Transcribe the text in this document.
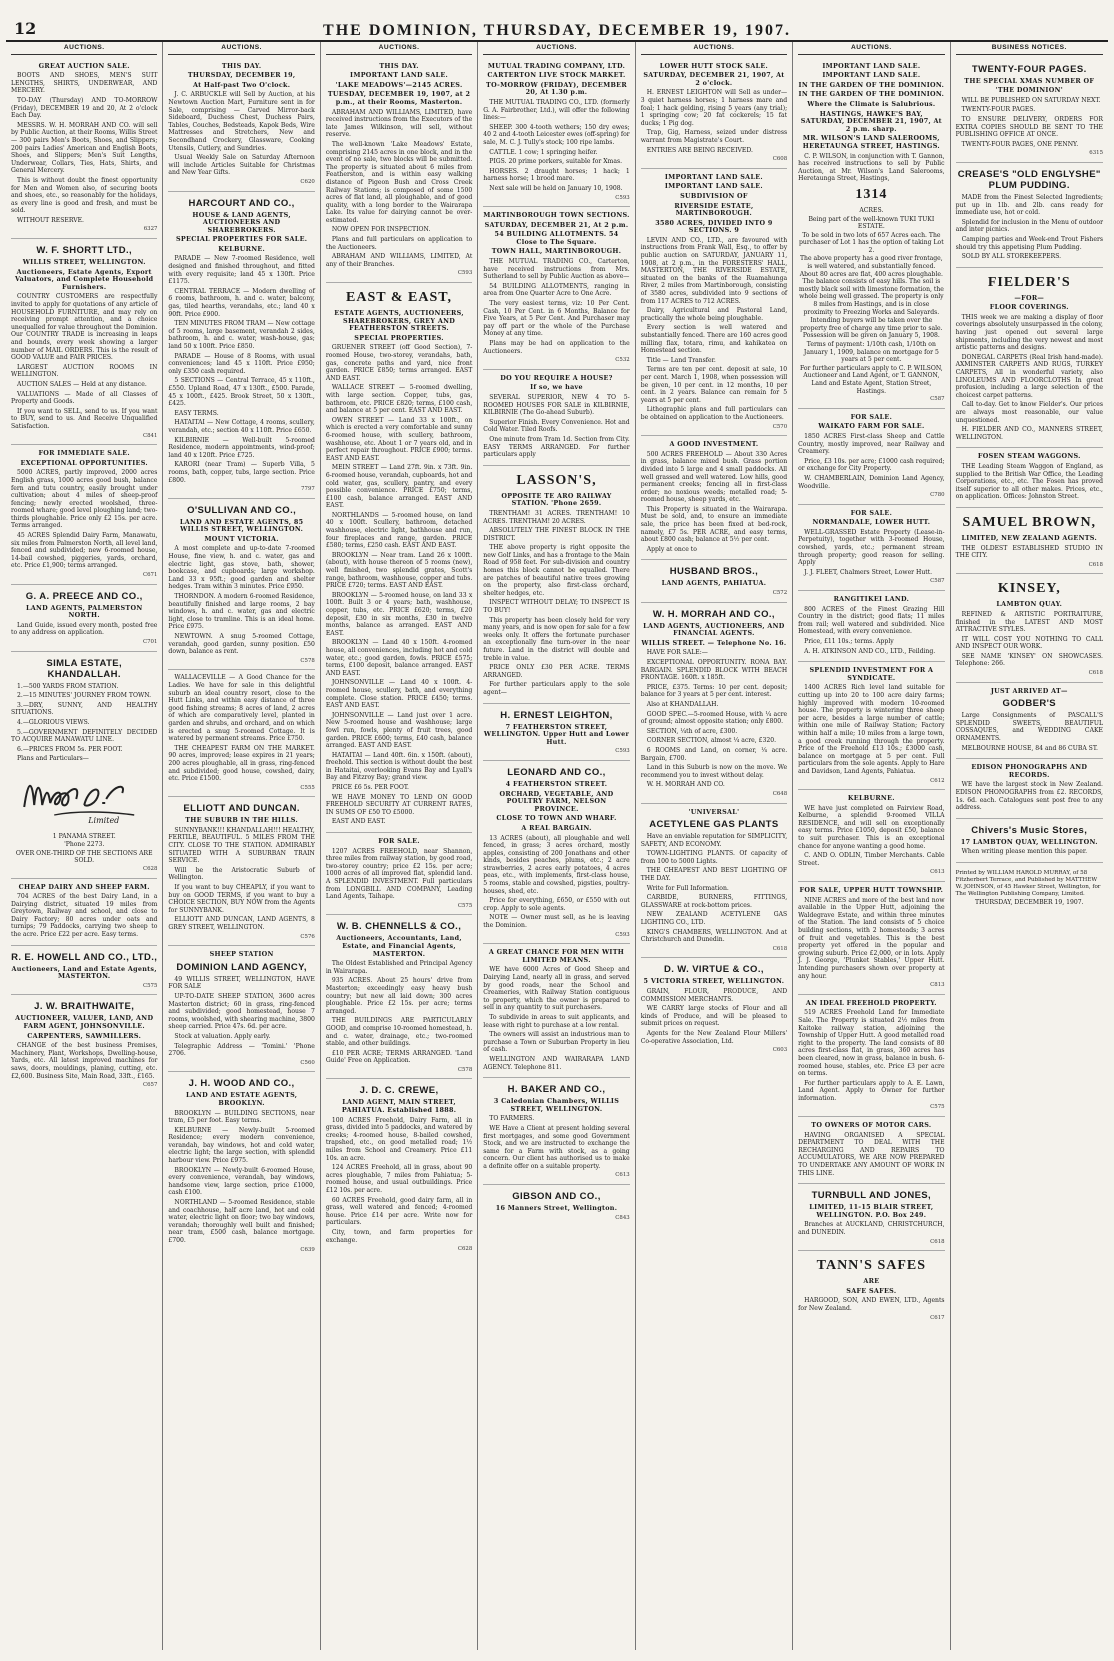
12	THE DOMINION, THURSDAY, DECEMBER 19, 1907.
AUCTIONS.
GREAT AUCTION SALE.

BOOTS AND SHOES, MEN'S SUIT LENGTHS, SHIRTS, UNDERWEAR, AND MERCERY.

TO-DAY (Thursday) AND TO-MORROW (Friday), DECEMBER 19 and 20, At 2 o'clock Each Day.

MESSRS. W. H. MORRAH AND CO. will sell by Public Auction, at their Rooms, Willis Street — 300 pairs Men's Boots, Shoes, and Slippers; 200 pairs Ladies' American and English Boots, Shoes, and Slippers; Men's Suit Lengths, Underwear, Collars, Ties, Hats, Shirts, and General Mercery.

This is without doubt the finest opportunity for Men and Women also, of securing boots and shoes, etc., so reasonably for the holidays, as every line is good and fresh, and must be sold.

WITHOUT RESERVE.

6327
W. F. SHORTT LTD.,
WILLIS STREET, WELLINGTON.
Auctioneers, Estate Agents, Export Valuators, and Complete Household Furnishers.

COUNTRY CUSTOMERS are respectfully invited to apply for quotations of any article of HOUSEHOLD FURNITURE, and may rely on receiving prompt attention, and a choice unequalled for value throughout the Dominion. Our COUNTRY TRADE is increasing in leaps and bounds, every week showing a larger number of MAIL ORDERS. This is the result of GOOD VALUE and FAIR PRICES.

LARGEST AUCTION ROOMS IN WELLINGTON.

AUCTION SALES — Held at any distance.

VALUATIONS — Made of all Classes of Property and Goods.

If you want to SELL, send to us. If you want to BUY, send to us. And Receive Unqualified Satisfaction.

C841
FOR IMMEDIATE SALE.
EXCEPTIONAL OPPORTUNITIES.

5000 ACRES, partly improved, 2000 acres English grass, 1000 acres good bush, balance fern and tutu country, easily brought under cultivation; about 4 miles of sheep-proof fencing; newly erected woolshed, three-roomed whare; good level ploughing land; two-thirds ploughable. Price only £2 15s. per acre. Terms arranged.

45 ACRES Splendid Dairy Farm, Manawatu, six miles from Palmerston North, all level land, fenced and subdivided; new 6-roomed house, 14-bail cowshed, piggeries, yards, orchard, etc. Price £1,900; terms arranged.

C671
G. A. PREECE AND CO.,
LAND AGENTS, PALMERSTON NORTH.

Land Guide, issued every month, posted free to any address on application.

C701
SIMLA ESTATE, KHANDALLAH.

1.—500 YARDS FROM STATION.

2.—15 MINUTES' JOURNEY FROM TOWN.

3.—DRY, SUNNY, AND HEALTHY SITUATIONS.

4.—GLORIOUS VIEWS.

5.—GOVERNMENT DEFINITELY DECIDED TO ACQUIRE MANAWATU LINE.

6.—PRICES FROM 5s. PER FOOT.

Plans and Particulars—

Limited
1 PANAMA STREET.
'Phone 2273.
OVER ONE-THIRD OF THE SECTIONS ARE SOLD.
C628
CHEAP DAIRY AND SHEEP FARM.

704 ACRES of the best Dairy Land, in a Dairying district, situated 19 miles from Greytown, Railway and school, and close to Dairy Factory; 80 acres under oats and turnips; 79 Paddocks, carrying two sheep to the acre. Price £22 per acre. Easy terms.

R. E. HOWELL AND CO., LTD.,
Auctioneers, Land and Estate Agents, MASTERTON.
C575
J. W. BRAITHWAITE,
AUCTIONEER, VALUER, LAND, AND FARM AGENT, JOHNSONVILLE.
CARPENTERS, SAWMILLERS.

CHANGE of the best business Premises, Machinery, Plant, Workshops, Dwelling-house, Yards, etc. All latest improved machines for saws, doors, mouldings, planing, cutting, etc. £2,600. Business Site, Main Road, 33ft., £165.

C657
AUCTIONS.
THIS DAY.
THURSDAY, DECEMBER 19,
At Half-past Two O'clock.

J. C. ARBUCKLE will Sell by Auction, at his Newtown Auction Mart, Furniture sent in for Sale, comprising — Carved Mirror-back Sideboard, Duchess Chest, Duchess Pairs, Tables, Couches, Bedsteads, Kapok Beds, Wire Mattresses and Stretchers, New and Secondhand Crockery, Glassware, Cooking Utensils, Cutlery, and Sundries.

Usual Weekly Sale on Saturday Afternoon will include Articles Suitable for Christmas and New Year Gifts.

C620
HARCOURT AND CO.,
HOUSE & LAND AGENTS, AUCTIONEERS AND SHAREBROKERS.
SPECIAL PROPERTIES FOR SALE.
KELBURNE.

PARADE — New 7-roomed Residence, well designed and finished throughout, and fitted with every requisite; land 45 x 130ft. Price £1175.

CENTRAL TERRACE — Modern dwelling of 6 rooms, bathroom, h. and c. water, balcony, gas, tiled hearths, verandahs, etc.; land 40 x 90ft. Price £900.

TEN MINUTES FROM TRAM — New cottage of 5 rooms, large basement, verandah 2 sides, bathroom, h. and c. water, wash-house, gas; land 50 x 100ft. Price £850.

PARADE — House of 8 Rooms, with usual conveniences; land 45 x 110ft. Price £950; only £350 cash required.

5 SECTIONS — Central Terrace, 45 x 110ft., £550. Upland Road, 47 x 130ft., £500. Parade, 45 x 100ft., £425. Brook Street, 50 x 130ft., £425.

EASY TERMS.

HATAITAI — New Cottage, 4 rooms, scullery, verandah, etc.; section 40 x 110ft. Price £650.

KILBIRNIE — Well-built 5-roomed Residence, modern appointments, wind-proof; land 40 x 120ft. Price £725.

KARORI (near Tram) — Superb Villa, 5 rooms, bath, copper, tubs, large section. Price £800.

7797
O'SULLIVAN AND CO.,
LAND AND ESTATE AGENTS, 85 WILLIS STREET, WELLINGTON.
MOUNT VICTORIA.

A most complete and up-to-date 7-roomed House, fine view, h. and c. water, gas and electric light, gas stove, bath, shower, bookcase, and cupboards; large workshop. Land 33 x 95ft.; good garden and shelter hedges. Tram within 3 minutes. Price £950.

THORNDON. A modern 6-roomed Residence, beautifully finished and large rooms, 2 bay windows, h. and c. water, gas and electric light, close to tramline. This is an ideal home. Price £975.

NEWTOWN. A snug 5-roomed Cottage, verandah, good garden, sunny position. £50 down, balance as rent.

C578

WALLACEVILLE — A Good Chance for the Ladies. We have for sale in this delightful suburb an ideal country resort, close to the Hutt Links, and within easy distance of three good fishing streams; 8 acres of land, 2 acres of which are comparatively level, planted in garden and shrubs, and orchard, and on which is erected a snug 5-roomed Cottage. It is watered by permanent streams. Price £750.

THE CHEAPEST FARM ON THE MARKET. 90 acres, improved; lease expires in 21 years; 200 acres ploughable, all in grass, ring-fenced and subdivided; good house, cowshed, dairy, etc. Price £1500.

C555
ELLIOTT AND DUNCAN.
THE SUBURB IN THE HILLS.

SUNNYBANK!!! KHANDALLAH!!! HEALTHY, FERTILE, BEAUTIFUL. 5 MILES FROM THE CITY. CLOSE TO THE STATION. ADMIRABLY SITUATED WITH A SUBURBAN TRAIN SERVICE.

Will be the Aristocratic Suburb of Wellington.

If you want to buy CHEAPLY, if you want to buy on GOOD TERMS, if you want to buy a CHOICE SECTION, BUY NOW from the Agents for SUNNYBANK.

ELLIOTT AND DUNCAN, LAND AGENTS, 8 GREY STREET, WELLINGTON.

C576
SHEEP STATION
DOMINION LAND AGENCY,

49 WILLIS STREET, WELLINGTON, HAVE FOR SALE

UP-TO-DATE SHEEP STATION, 3600 acres Masterton district; 60 in grass, ring-fenced and subdivided; good homestead, house 7 rooms, woolshed, with shearing machine, 3800 sheep carried. Price 47s. 6d. per acre.

Stock at valuation. Apply early.

Telegraphic Address — 'Tomini.' 'Phone 2706.

C560
J. H. WOOD AND CO.,
LAND AND ESTATE AGENTS, BROOKLYN.

BROOKLYN — BUILDING SECTIONS, near tram, £5 per foot. Easy terms.

KELBURNE — Newly-built 5-roomed Residence; every modern convenience, verandah, bay windows, hot and cold water, electric light; the large section, with splendid harbour view. Price £975.

BROOKLYN — Newly-built 6-roomed House, every convenience, verandah, bay windows, handsome view, large section, price £1000, cash £100.

NORTHLAND — 5-roomed Residence, stable and coachhouse, half acre land, hot and cold water, electric light on floor; two bay windows, verandah; thoroughly well built and finished; near tram, £500 cash, balance mortgage. £700.

C639
AUCTIONS.
THIS DAY.
IMPORTANT LAND SALE.
'LAKE MEADOWS'—2145 ACRES.
TUESDAY, DECEMBER 19, 1907, at 2 p.m., at their Rooms, Masterton.

ABRAHAM AND WILLIAMS, LIMITED, have received instructions from the Executors of the late James Wilkinson, will sell, without reserve.

The well-known 'Lake Meadows' Estate, comprising 2145 acres in one block, and in the event of no sale, two blocks will be submitted. The property is situated about 6 miles from Featherston, and is within easy walking distance of Pigeon Bush and Cross Creek Railway Stations; is composed of some 1500 acres of flat land, all ploughable, and of good quality, with a long border to the Wairarapa Lake. Its value for dairying cannot be over-estimated.

NOW OPEN FOR INSPECTION.

Plans and full particulars on application to the Auctioneers.

ABRAHAM AND WILLIAMS, LIMITED, At any of their Branches.

C593
EAST & EAST,
ESTATE AGENTS, AUCTIONEERS, SHAREBROKERS, GREY AND FEATHERSTON STREETS.
SPECIAL PROPERTIES.

GRUENER STREET (off Good Section), 7-roomed House, two-storey, verandahs, bath, gas, concrete paths and yard, nice front garden. PRICE £850; terms arranged. EAST AND EAST.

WALLACE STREET — 5-roomed dwelling, with large section. Copper, tubs, gas, bathroom, etc. PRICE £820; terms, £100 cash, and balance at 5 per cent. EAST AND EAST.

OWEN STREET — Land 33 x 100ft., on which is erected a very comfortable and sunny 6-roomed house, with scullery, bathroom, washhouse, etc. About 1 or 7 years old, and in perfect repair throughout. PRICE £900; terms. EAST AND EAST.

MEIN STREET — Land 27ft. 9in. x 73ft. 9in. 6-roomed house, verandah, cupboards, hot and cold water, gas, scullery, pantry, and every possible convenience. PRICE £750; terms, £100 cash, balance arranged. EAST AND EAST.

NORTHLANDS — 5-roomed house, on land 40 x 100ft. Scullery, bathroom, detached washhouse, electric light, bathhouse and run, four fireplaces and range, garden. PRICE £580; terms, £250 cash. EAST AND EAST.

BROOKLYN — Near tram. Land 26 x 100ft. (about), with house thereon of 5 rooms (new), well finished, two splendid grates, Scott's range, bathroom, washhouse, copper and tubs. PRICE £720; terms. EAST AND EAST.

BROOKLYN — 5-roomed house, on land 33 x 100ft. Built 3 or 4 years; bath, washhouse, copper, tubs, etc. PRICE £620; terms, £20 deposit, £30 in six months, £30 in twelve months, balance as arranged. EAST AND EAST.

BROOKLYN — Land 40 x 150ft. 4-roomed house, all conveniences, including hot and cold water, etc.; good garden, fowls. PRICE £575; terms, £100 deposit, balance arranged. EAST AND EAST.

JOHNSONVILLE — Land 40 x 100ft. 4-roomed house, scullery, bath, and everything complete. Close station. PRICE £450; terms. EAST AND EAST.

JOHNSONVILLE — Land just over 1 acre. New 5-roomed house and washhouse; large fowl run, fowls, plenty of fruit trees, good garden. PRICE £600; terms, £40 cash, balance arranged. EAST AND EAST.

HATAITAI — Land 40ft. 6in. x 150ft. (about), freehold. This section is without doubt the best in Hataitai, overlooking Evans Bay and Lyall's Bay and Fitzroy Bay; grand view.

PRICE £6 5s. PER FOOT.

WE HAVE MONEY TO LEND ON GOOD FREEHOLD SECURITY AT CURRENT RATES, IN SUMS OF £50 TO £5000.

EAST AND EAST.

FOR SALE.

1207 ACRES FREEHOLD, near Shannon, three miles from railway station, by good road, two-storey country; price £2 15s. per acre; 1000 acres of all improved flat, splendid land. A SPLENDID INVESTMENT. Full particulars from LONGBILL AND COMPANY, Leading Land Agents, Taihape.

C575
W. B. CHENNELLS & CO.,
Auctioneers, Accountants, Land, Estate, and Financial Agents, MASTERTON.

The Oldest Established and Principal Agency in Wairarapa.

935 ACRES. About 25 hours' drive from Masterton; exceedingly easy heavy bush country; but new all laid down; 300 acres ploughable. Price £2 15s. per acre; terms arranged.

THE BUILDINGS ARE PARTICULARLY GOOD, and comprise 10-roomed homestead, h. and c. water, drainage, etc.; two-roomed stable, and other buildings.

£10 PER ACRE; TERMS ARRANGED. 'Land Guide' Free on Application.

C578
J. D. C. CREWE,
LAND AGENT, MAIN STREET, PAHIATUA. Established 1888.

100 ACRES Freehold, Dairy Farm, all in grass, divided into 5 paddocks, and watered by creeks; 4-roomed house, 8-bailed cowshed, trapshed, etc., on good metalled road; 1½ miles from School and Creamery. Price £11 10s. an acre.

124 ACRES Freehold, all in grass, about 90 acres ploughable, 7 miles from Pahiatua; 5-roomed house, and usual outbuildings. Price £12 10s. per acre.

60 ACRES Freehold, good dairy farm, all in grass, well watered and fenced; 4-roomed house. Price £14 per acre. Write now for particulars.

City, town, and farm properties for exchange.

C628
AUCTIONS.
MUTUAL TRADING COMPANY, LTD.
CARTERTON LIVE STOCK MARKET.
TO-MORROW (FRIDAY), DECEMBER 20, At 1.30 p.m.

THE MUTUAL TRADING CO., LTD. (formerly G. A. Fairbrother, Ltd.), will offer the following lines:—

SHEEP. 300 4-tooth wethers; 150 dry ewes; 40 2 and 4-tooth Leicester ewes (off-spring) for sale, M. C. J. Tully's stock; 100 ripe lambs.

CATTLE. 1 cow; 1 springing heifer.

PIGS. 20 prime porkers, suitable for Xmas.

HORSES. 2 draught horses; 1 hack; 1 harness horse; 1 brood mare.

Next sale will be held on January 10, 1908.

C593
MARTINBOROUGH TOWN SECTIONS.
SATURDAY, DECEMBER 21, At 2 p.m.
54 BUILDING ALLOTMENTS. 54 Close to The Square.
TOWN HALL, MARTINBOROUGH.

THE MUTUAL TRADING CO., Carterton, have received instructions from Mrs. Sutherland to sell by Public Auction as above—

54 BUILDING ALLOTMENTS, ranging in area from One Quarter Acre to One Acre.

The very easiest terms, viz: 10 Per Cent. Cash, 10 Per Cent. in 6 Months, Balance for Five Years, at 5 Per Cent. And Purchaser may pay off part or the whole of the Purchase Money at any time.

Plans may be had on application to the Auctioneers.

C532
DO YOU REQUIRE A HOUSE?
If so, we have

SEVERAL SUPERIOR, NEW 4 TO 5-ROOMED HOUSES FOR SALE in KILBIRNIE, KILBIRNIE (The Go-ahead Suburb).

Superior Finish. Every Convenience. Hot and Cold Water. Tiled Roofs.

One minute from Tram 1d. Section from City. EASY TERMS ARRANGED. For further particulars apply

LASSON'S,
OPPOSITE TE ARO RAILWAY STATION. 'Phone 2659.

TRENTHAM! 31 ACRES. TRENTHAM! 10 ACRES. TRENTHAM! 20 ACRES.

ABSOLUTELY THE FINEST BLOCK IN THE DISTRICT.

THE above property is right opposite the new Golf Links, and has a frontage to the Main Road of 958 feet. For sub-division and country homes this block cannot be equalled. There are patches of beautiful native trees growing on the property, also first-class orchard, shelter hedges, etc.

INSPECT WITHOUT DELAY; TO INSPECT IS TO BUY!

This property has been closely held for very many years, and is now open for sale for a few weeks only. It offers the fortunate purchaser an exceptionally fine turn-over in the near future. Land in the district will double and treble in value.

PRICE ONLY £30 PER ACRE. TERMS ARRANGED.

For further particulars apply to the sole agent—

H. ERNEST LEIGHTON,
7 FEATHERSTON STREET, WELLINGTON. Upper Hutt and Lower Hutt.
C593
LEONARD AND CO.,
4 FEATHERSTON STREET.
ORCHARD, VEGETABLE, AND POULTRY FARM, NELSON PROVINCE.
CLOSE TO TOWN AND WHARF.
A REAL BARGAIN.

13 ACRES (about), all ploughable and well fenced, in grass; 3 acres orchard, mostly apples, consisting of 200 Jonathans and other kinds, besides peaches, plums, etc.; 2 acre strawberries, 2 acres early potatoes, 4 acres peas, etc., with implements, first-class house, 5 rooms, stable and cowshed, pigsties, poultry-houses, shed, etc.

Price for everything, £650, or £550 with out crop. Apply to sole agents.

NOTE — Owner must sell, as he is leaving the Dominion.

C593
A GREAT CHANCE FOR MEN WITH LIMITED MEANS.

WE have 6000 Acres of Good Sheep and Dairying Land, nearly all in grass, and served by good roads, near the School and Creameries, with Railway Station contiguous to property, which the owner is prepared to sell in any quantity to suit purchasers.

To subdivide in areas to suit applicants, and lease with right to purchase at a low rental.

The owners will assist an industrious man to purchase a Town or Suburban Property in lieu of cash.

WELLINGTON AND WAIRARAPA LAND AGENCY. Telephone 811.

H. BAKER AND CO.,
3 Caledonian Chambers, WILLIS STREET, WELLINGTON.

TO FARMERS.

WE Have a Client at present holding several first mortgages, and some good Government Stock, and we are instructed to exchange the same for a Farm with stock, as a going concern. Our client has authorised us to make a definite offer on a suitable property.

C613
GIBSON AND CO.,
16 Manners Street, Wellington.
C843
AUCTIONS.
LOWER HUTT STOCK SALE.
SATURDAY, DECEMBER 21, 1907, At 2 o'clock.

H. ERNEST LEIGHTON will Sell as under— 3 quiet harness horses; 1 harness mare and foal; 1 hack gelding, rising 5 years (any trial); 1 springing cow; 20 fat cockerels; 15 fat ducks; 1 Pig dog.

Trap, Gig, Harness, seized under distress warrant from Magistrate's Court.

ENTRIES ARE BEING RECEIVED.

C608
IMPORTANT LAND SALE.
IMPORTANT LAND SALE.
SUBDIVISION OF
RIVERSIDE ESTATE, MARTINBOROUGH.
3580 ACRES, DIVIDED INTO 9 SECTIONS. 9

LEVIN AND CO., LTD., are favoured with instructions from Frank Wall, Esq., to offer by public auction on SATURDAY, JANUARY 11, 1908, at 2 p.m., in the FORESTERS' HALL, MASTERTON, THE RIVERSIDE ESTATE, situated on the banks of the Ruamahunga River, 2 miles from Martinborough, consisting of 3580 acres, subdivided into 9 sections of from 117 ACRES to 712 ACRES.

Dairy, Agricultural and Pastoral Land, practically the whole being ploughable.

Every section is well watered and substantially fenced. There are 160 acres good milling flax, totara, rimu, and kahikatea on Homestead section.

Title — Land Transfer.

Terms are ten per cent. deposit at sale, 10 per cent. March 1, 1908, when possession will be given, 10 per cent. in 12 months, 10 per cent. in 2 years. Balance can remain for 5 years at 5 per cent.

Lithographic plans and full particulars can be obtained on application to the Auctioneers.

C570
A GOOD INVESTMENT.

500 ACRES FREEHOLD — About 330 Acres in grass, balance mixed bush. Grass portion divided into 5 large and 4 small paddocks. All well grassed and well watered. Low hills, good permanent creeks; fencing all in first-class order; no noxious weeds; metalled road; 5-roomed house, sheep yards, etc.

This Property is situated in the Wairarapa. Must be sold, and, to ensure an immediate sale, the price has been fixed at bed-rock, namely, £7 5s. PER ACRE, and easy terms, about £800 cash; balance at 5½ per cent.

Apply at once to

HUSBAND BROS.,
LAND AGENTS, PAHIATUA.
C572
W. H. MORRAH AND CO.,
LAND AGENTS, AUCTIONEERS, AND FINANCIAL AGENTS.
WILLIS STREET. — Telephone No. 16.

HAVE FOR SALE:—

EXCEPTIONAL OPPORTUNITY. RONA BAY. BARGAIN. SPLENDID BLOCK WITH BEACH FRONTAGE. 160ft. x 185ft.

PRICE, £375. Terms: 10 per cent. deposit; balance for 3 years at 5 per cent. interest.

Also at KHANDALLAH.

GOOD SPEC.—5-roomed House, with ¼ acre of ground; almost opposite station; only £800.

SECTION, ¼th of acre, £300.

CORNER SECTION, almost ¼ acre, £320.

6 ROOMS and Land, on corner, ¼ acre. Bargain, £700.

Land in this Suburb is now on the move. We recommend you to invest without delay.

W. H. MORRAH AND CO.

C648
'UNIVERSAL'
ACETYLENE GAS PLANTS

Have an enviable reputation for SIMPLICITY, SAFETY, AND ECONOMY.

TOWN-LIGHTING PLANTS. Of capacity of from 100 to 5000 Lights.

THE CHEAPEST AND BEST LIGHTING OF THE DAY.

Write for Full Information.

CARBIDE, BURNERS, FITTINGS, GLASSWARE at rock-bottom prices.

NEW ZEALAND ACETYLENE GAS LIGHTING CO., LTD.

KING'S CHAMBERS, WELLINGTON. And at Christchurch and Dunedin.

C618
D. W. VIRTUE & CO.,
5 VICTORIA STREET, WELLINGTON.

GRAIN, FLOUR, PRODUCE, AND COMMISSION MERCHANTS.

WE CARRY large stocks of Flour and all kinds of Produce, and will be pleased to submit prices on request.

Agents for the New Zealand Flour Millers' Co-operative Association, Ltd.

C603
AUCTIONS.
IMPORTANT LAND SALE.
IMPORTANT LAND SALE.
IN THE GARDEN OF THE DOMINION.
IN THE GARDEN OF THE DOMINION.
Where the Climate is Salubrious.
HASTINGS, HAWKE'S BAY, SATURDAY, DECEMBER 21, 1907, At 2 p.m. sharp.
MR. WILSON'S LAND SALEROOMS, HERETAUNGA STREET, HASTINGS.

C. P. WILSON, in conjunction with T. Gannon, has received instructions to sell by Public Auction, at Mr. Wilson's Land Salerooms, Heretaunga Street, Hastings,

1314
ACRES.
Being part of the well-known TUKI TUKI ESTATE.
To be sold in two lots of 657 Acres each. The purchaser of Lot 1 has the option of taking Lot 2.
The above property has a good river frontage, is well watered, and substantially fenced. About 80 acres are flat, 400 acres ploughable. The balance consists of easy hills. The soil is mostly black soil with limestone formation, the whole being well grassed. The property is only 8 miles from Hastings, and is in close proximity to Freezing Works and Saleyards.
Intending buyers will be taken over the property free of charge any time prior to sale. Possession will be given on January 5, 1908.
Terms of payment: 1/10th cash, 1/10th on January 1, 1909, balance on mortgage for 5 years at 5 per cent.
For further particulars apply to C. P. WILSON, Auctioneer and Land Agent, or T. GANNON, Land and Estate Agent, Station Street, Hastings.
C587
FOR SALE.
WAIKATO FARM FOR SALE.

1850 ACRES First-class Sheep and Cattle Country, mostly improved, near Railway and Creamery.

Price, £3 10s. per acre; £1000 cash required; or exchange for City Property.

W. CHAMBERLAIN, Dominion Land Agency, Woodville.

C780
FOR SALE.
NORMANDALE, LOWER HUTT.

WELL-GRASSED Estate Property (Lease-in-Perpetuity), together with 3-roomed House, cowshed, yards, etc.; permanent stream through property; good reason for selling. Apply

J. J. FLEET, Chalmers Street, Lower Hutt.

C587
RANGITIKEI LAND.

800 ACRES of the Finest Grazing Hill Country in the district; good flats; 11 miles from rail; well watered and subdivided. Nice Homestead, with every convenience.

Price, £11 10s.; terms. Apply

A. H. ATKINSON AND CO., LTD., Feilding.

SPLENDID INVESTMENT FOR A SYNDICATE.

1400 ACRES Rich level land suitable for cutting up into 20 to 100 acre dairy farms; highly improved with modern 10-roomed house. The property is wintering three sheep per acre, besides a large number of cattle; within one mile of Railway Station; Factory within half a mile; 10 miles from a large town, a good creek running through the property. Price of the Freehold £13 10s.; £3000 cash, balance on mortgage at 5 per cent. Full particulars from the sole agents. Apply to Hare and Davidson, Land Agents, Pahiatua.

C612
KELBURNE.

WE have just completed on Fairview Road, Kelburne, a splendid 9-roomed VILLA RESIDENCE, and will sell on exceptionally easy terms. Price £1050, deposit £50, balance to suit purchaser. This is an exceptional chance for anyone wanting a good home.

C. AND O. ODLIN, Timber Merchants. Cable Street.

C613
FOR SALE, UPPER HUTT TOWNSHIP.

NINE ACRES and more of the best land now available in the Upper Hutt, adjoining the Waldegrave Estate, and within three minutes of the Station. The land consists of 5 choice building sections, with 2 homesteads; 3 acres of fruit and vegetables. This is the best property yet offered in the popular and growing suburb. Price £2,000, or in lots. Apply J. J. George, 'Plunket Stables,' Upper Hutt. Intending purchasers shown over property at any hour.

C813
AN IDEAL FREEHOLD PROPERTY.

519 ACRES Freehold Land for Immediate Sale. The Property is situated 2½ miles from Kaitoke railway station, adjoining the Township of Upper Hutt. A good metalled road right to the property. The land consists of 80 acres first-class flat, in grass, 360 acres has been cleared, now in grass, balance in bush. 6-roomed house, stables, etc. Price £3 per acre on terms.

For further particulars apply to A. E. Lawn, Land Agent. Apply to Owner for further information.

C575
TO OWNERS OF MOTOR CARS.

HAVING ORGANISED A SPECIAL DEPARTMENT TO DEAL WITH THE RECHARGING AND REPAIRS TO ACCUMULATORS, WE ARE NOW PREPARED TO UNDERTAKE ANY AMOUNT OF WORK IN THIS LINE.

TURNBULL AND JONES,
LIMITED, 11-15 BLAIR STREET, WELLINGTON. P.O. Box 249.

Branches at AUCKLAND, CHRISTCHURCH, and DUNEDIN.

C618
TANN'S SAFES
ARE
SAFE SAFES.

HARGOOD, SON, AND EWEN, LTD., Agents for New Zealand.

C617
BUSINESS NOTICES.
TWENTY-FOUR PAGES.
THE SPECIAL XMAS NUMBER OF
'THE DOMINION'

WILL BE PUBLISHED ON SATURDAY NEXT.

TWENTY-FOUR PAGES.

TO ENSURE DELIVERY, ORDERS FOR EXTRA COPIES SHOULD BE SENT TO THE PUBLISHING OFFICE AT ONCE.

TWENTY-FOUR PAGES, ONE PENNY.

6315
CREASE'S "OLD ENGLYSHE" PLUM PUDDING.

MADE from the Finest Selected Ingredients; put up in 1lb. and 2lb. cans ready for immediate use, hot or cold.

Splendid for inclusion in the Menu of outdoor and inter picnics.

Camping parties and Week-end Trout Fishers should try this appetising Plum Pudding.

SOLD BY ALL STOREKEEPERS.

FIELDER'S
—FOR—
FLOOR COVERINGS.

THIS week we are making a display of floor coverings absolutely unsurpassed in the colony, having just opened out several large shipments, including the very newest and most artistic patterns and designs.

DONEGAL CARPETS (Real Irish hand-made). AXMINSTER CARPETS AND RUGS, TURKEY CARPETS, All in wonderful variety, also LINOLEUMS AND FLOORCLOTHS In great profusion, including a large selection of the choicest carpet patterns.

Call to-day. Get to know Fielder's. Our prices are always most reasonable, our value unquestioned.

H. FIELDER AND CO., MANNERS STREET, WELLINGTON.

FOSEN STEAM WAGGONS.

THE Leading Steam Waggon of England, as supplied to the British War Office, the Leading Corporations, etc., etc. The Fosen has proved itself superior to all other makes. Prices, etc., on application. Offices: Johnston Street.

SAMUEL BROWN,
LIMITED, NEW ZEALAND AGENTS.

THE OLDEST ESTABLISHED STUDIO IN THE CITY.

C618
KINSEY,
LAMBTON QUAY.

REFINED & ARTISTIC PORTRAITURE, finished in the LATEST AND MOST ATTRACTIVE STYLES.

IT WILL COST YOU NOTHING TO CALL AND INSPECT OUR WORK.

SEE NAME 'KINSEY' ON SHOWCASES. Telephone: 266.

C618
JUST ARRIVED AT—
GODBER'S

Large Consignments of PASCALL'S SPLENDID SWEETS, BEAUTIFUL COSSAQUES, and WEDDING CAKE ORNAMENTS.

MELBOURNE HOUSE, 84 and 86 CUBA ST.

EDISON PHONOGRAPHS AND RECORDS.

WE have the largest stock in New Zealand. EDISON PHONOGRAPHS from £2. RECORDS, 1s. 6d. each. Catalogues sent post free to any address.

Chivers's Music Stores,
17 LAMBTON QUAY, WELLINGTON.

When writing please mention this paper.

Printed by WILLIAM HAROLD MURRAY, of 58 Fitzherbert Terrace, and Published by MATTHEW W. JOHNSON, of 45 Hawker Street, Wellington, for The Wellington Publishing Company, Limited.
THURSDAY, DECEMBER 19, 1907.
